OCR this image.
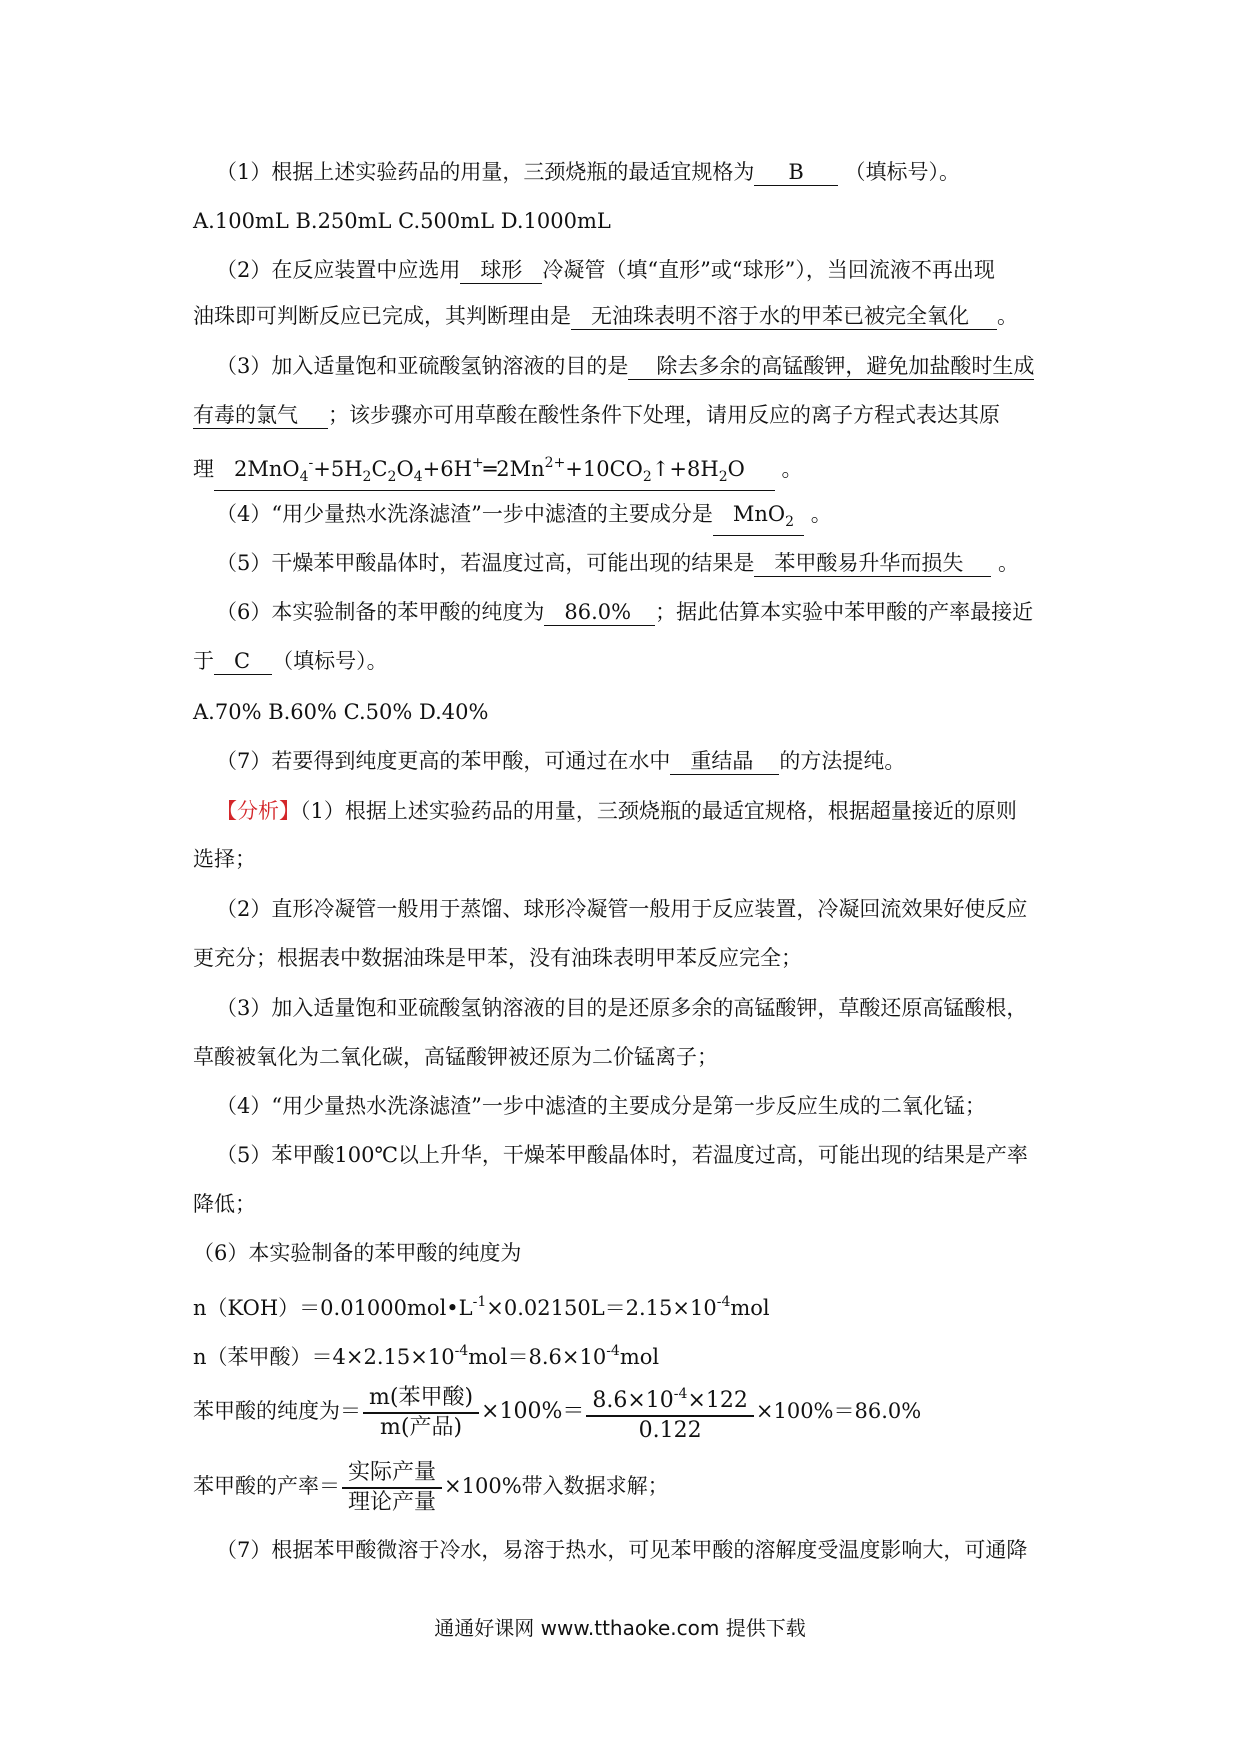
（1）根据上述实验药品的用量，三颈烧瓶的最适宜规格为 B （填标号）。
A.100mL B.250mL C.500mL D.1000mL
（2）在反应装置中应选用 球形 冷凝管（填“直形”或“球形”），当回流液不再出现
油珠即可判断反应已完成，其判断理由是 无油珠表明不溶于水的甲苯已被完全氧化 。
（3）加入适量饱和亚硫酸氢钠溶液的目的是 除去多余的高锰酸钾，避免加盐酸时生成
有毒的氯气 ；该步骤亦可用草酸在酸性条件下处理，请用反应的离子方程式表达其原
理 $2MnO_4^-+5H_2C_2O_4+6H^+═2Mn^{2+}+10CO_2↑+8H_2O$ 。
（4）“用少量热水洗涤滤渣”一步中滤渣的主要成分是 MnO$_2$ 。
（5）干燥苯甲酸晶体时，若温度过高，可能出现的结果是 苯甲酸易升华而损失 。
（6）本实验制备的苯甲酸的纯度为 86.0% ；据此估算本实验中苯甲酸的产率最接近
于 C （填标号）。
A.70% B.60% C.50% D.40%
（7）若要得到纯度更高的苯甲酸，可通过在水中 重结晶 的方法提纯。
【分析】（1）根据上述实验药品的用量，三颈烧瓶的最适宜规格，根据超量接近的原则
选择；
（2）直形冷凝管一般用于蒸馏、球形冷凝管一般用于反应装置，冷凝回流效果好使反应
更充分；根据表中数据油珠是甲苯，没有油珠表明甲苯反应完全；
（3）加入适量饱和亚硫酸氢钠溶液的目的是还原多余的高锰酸钾，草酸还原高锰酸根，
草酸被氧化为二氧化碳，高锰酸钾被还原为二价锰离子；
（4）“用少量热水洗涤滤渣”一步中滤渣的主要成分是第一步反应生成的二氧化锰；
（5）苯甲酸100℃以上升华，干燥苯甲酸晶体时，若温度过高，可能出现的结果是产率
降低；
（6）本实验制备的苯甲酸的纯度为
$n(KOH)=0.01000mol•L^{-1}\times 0.02150L=2.15\times 10^{-4}mol$
n（苯甲酸）$=4\times 2.15\times 10^{-4}mol=8.6\times 10^{-4}mol$
苯甲酸的纯度为＝ $\frac{\text{m(苯甲酸)}}{\text{m(产品)}} \times 100\%= \frac{8.6\times 10^{-4}\times 122}{0.122} \times 100\%=86.0\%$
苯甲酸的产率＝ $\frac{\text{实际产量}}{\text{理论产量}} \times 100\%$带入数据求解；
（7）根据苯甲酸微溶于冷水，易溶于热水，可见苯甲酸的溶解度受温度影响大，可通降
通通好课网 www.tthaoke.com 提供下载
